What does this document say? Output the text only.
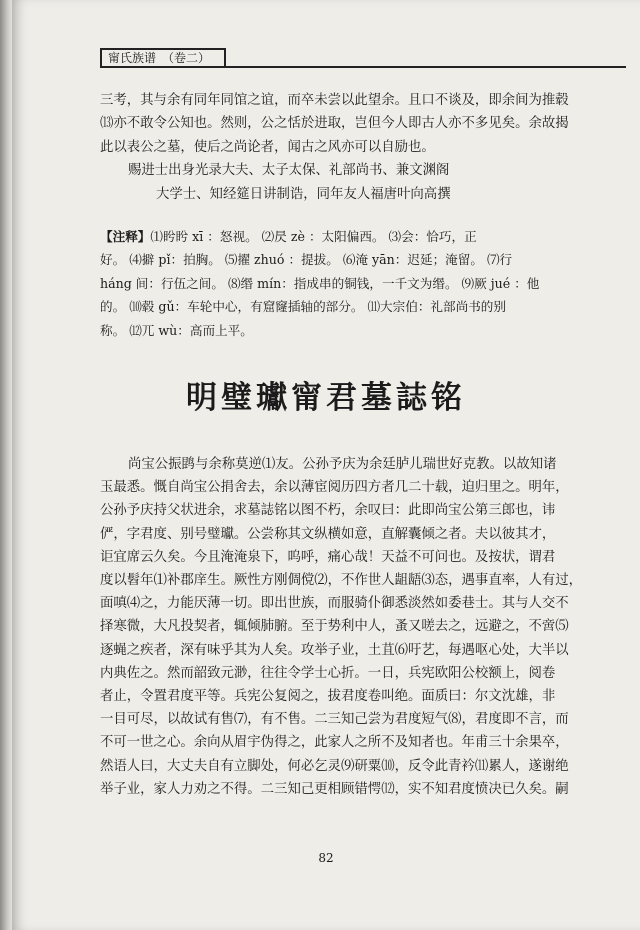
甯氏族谱　（卷二）
三考，其与余有同年同馆之谊，而卒未尝以此望余。且口不谈及，即余间为推毂
⒀亦不敢令公知也。然则，公之恬於进取，岂但今人即古人亦不多见矣。余故揭
此以表公之墓，使后之尚论者，闻古之风亦可以自励也。
赐进士出身光录大夫、太子太保、礼部尚书、兼文渊阁
大学士、知经筵日讲制诰，同年友人福唐叶向高撰
【注释】⑴盻盻 xī ：怒视。 ⑵昃 zè ：太阳偏西。 ⑶会：恰巧，正
好。 ⑷擗 pǐ：拍胸。 ⑸擢 zhuó ：提拔。 ⑹淹 yān：迟延；淹留。 ⑺行
háng 间：行伍之间。 ⑻缗 mín：指成串的铜钱，一千文为缗。 ⑼厥 jué ：他
的。 ⑽毂 gǔ：车轮中心，有窟窿插轴的部分。 ⑾大宗伯：礼部尚书的别
称。 ⑿兀 wù：高而上平。
明璧瓛甯君墓誌铭
尚宝公振鹍与余称莫逆⑴友。公孙予庆为余廷胪儿瑞世好克教。以故知诸
玉最悉。慨自尚宝公捐舍去，余以薄宦阅历四方者几二十载，迫归里之。明年，
公孙予庆持父状进余，求墓誌铭以图不朽，余叹曰：此即尚宝公第三郎也，讳
俨，字君度、别号璧瓛。公尝称其文纵横如意，直解囊倾之者。夫以彼其才，
讵宜席云久矣。今且淹淹泉下，呜呼，痛心哉！天益不可问也。及按状，谓君
度以髫年⑴补郡庠生。厥性方刚倜傥⑵，不作世人龃龉⑶态，遇事直率，人有过，
面嗔⑷之，力能厌薄一切。即出世族，而服骑仆御悉淡然如委巷士。其与人交不
择寒微，大凡投契者，辄倾肺腑。至于势利中人，蚤又嗟去之，远避之，不啻⑸
逐蝇之疾者，深有味乎其为人矣。攻举子业，土苴⑹吁艺，每遇呕心处，大半以
内典佐之。然而韶致元渺，往往令学士心折。一日，兵宪欧阳公校额上，阅卷
者止，令置君度平等。兵宪公复阅之，拔君度卷叫绝。面质曰：尔文沈雄，非
一目可尽，以故试有售⑺，有不售。二三知己尝为君度短气⑻，君度即不言，而
不可一世之心。余向从眉宇伪得之，此家人之所不及知者也。年甫三十余果卒，
然语人曰，大丈夫自有立脚处，何必乞灵⑼研粟⑽，反令此青衿⑾累人，遂谢绝
举子业，家人力劝之不得。二三知己更相顾错愕⑿，实不知君度愤决已久矣。嗣
82
